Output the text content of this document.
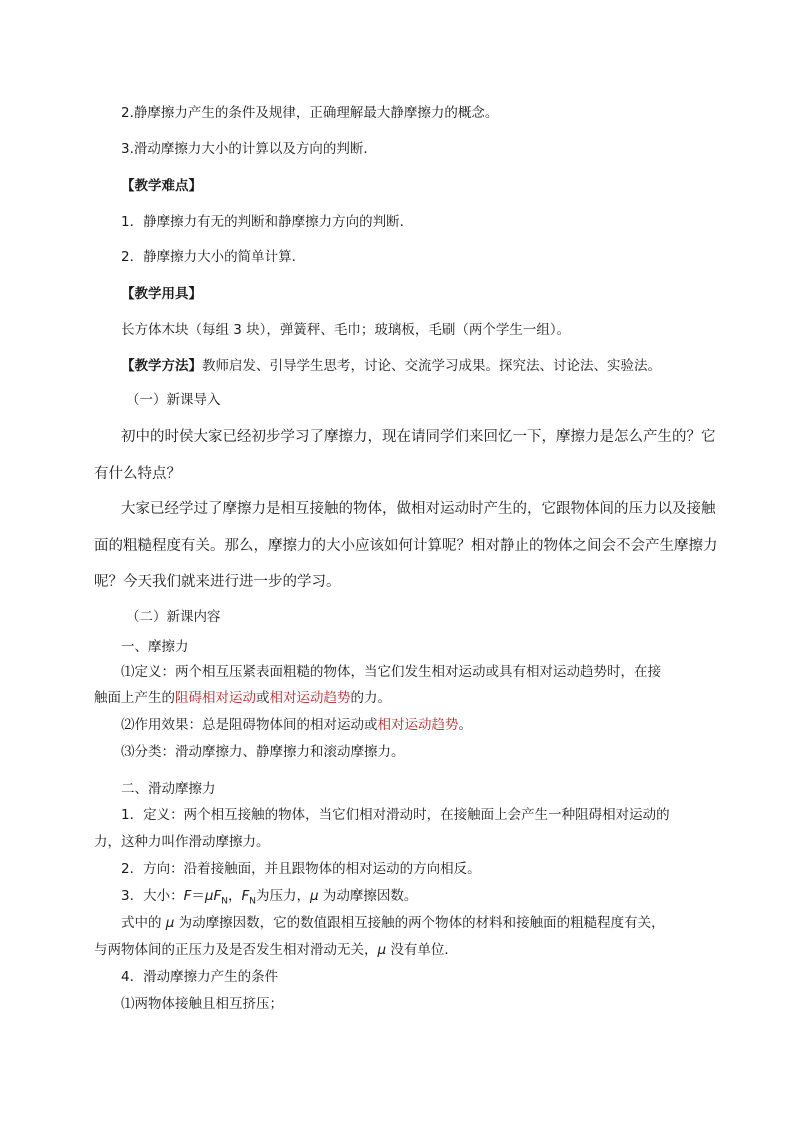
2.静摩擦力产生的条件及规律，正确理解最大静摩擦力的概念。
3.滑动摩擦力大小的计算以及方向的判断．
【教学难点】
1．静摩擦力有无的判断和静摩擦力方向的判断．
2．静摩擦力大小的简单计算．
【教学用具】
长方体木块（每组 3 块），弹簧秤、毛巾；玻璃板，毛刷（两个学生一组）。
【教学方法】教师启发、引导学生思考，讨论、交流学习成果。探究法、讨论法、实验法。
（一）新课导入
初中的时侯大家已经初步学习了摩擦力，现在请同学们来回忆一下，摩擦力是怎么产生的？它
有什么特点？
大家已经学过了摩擦力是相互接触的物体，做相对运动时产生的，它跟物体间的压力以及接触
面的粗糙程度有关。那么，摩擦力的大小应该如何计算呢？相对静止的物体之间会不会产生摩擦力
呢？今天我们就来进行进一步的学习。
（二）新课内容
一、摩擦力
⑴定义：两个相互压紧表面粗糙的物体，当它们发生相对运动或具有相对运动趋势时，在接
触面上产生的阻碍相对运动或相对运动趋势的力。
⑵作用效果：总是阻碍物体间的相对运动或相对运动趋势。
⑶分类：滑动摩擦力、静摩擦力和滚动摩擦力。
二、滑动摩擦力
1．定义：两个相互接触的物体，当它们相对滑动时，在接触面上会产生一种阻碍相对运动的
力，这种力叫作滑动摩擦力。
2．方向：沿着接触面，并且跟物体的相对运动的方向相反。
3．大小：$F=\mu F_N$，$F_N$为压力，μ 为动摩擦因数。
式中的 μ 为动摩擦因数，它的数值跟相互接触的两个物体的材料和接触面的粗糙程度有关，
与两物体间的正压力及是否发生相对滑动无关，μ 没有单位．
4．滑动摩擦力产生的条件
⑴两物体接触且相互挤压；
